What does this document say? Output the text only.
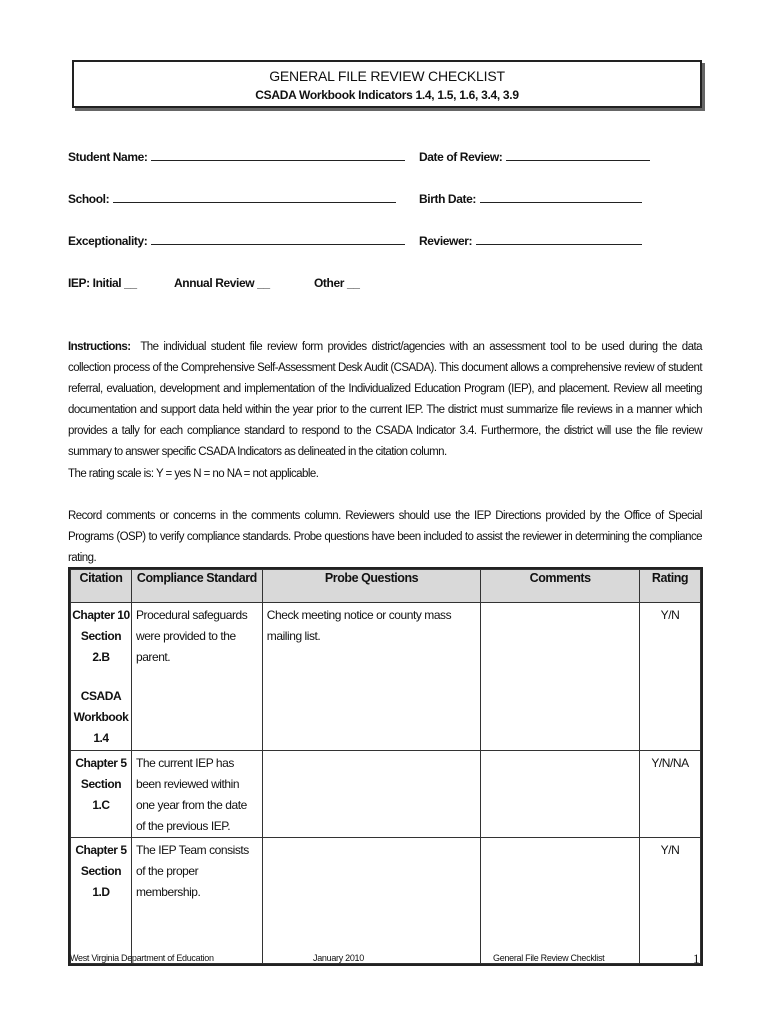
GENERAL FILE REVIEW CHECKLIST
CSADA Workbook Indicators 1.4, 1.5, 1.6, 3.4, 3.9
Student Name:	Date of Review:
School:	Birth Date:
Exceptionality:	Reviewer:
IEP: Initial __	Annual Review __	Other __
Instructions: The individual student file review form provides district/agencies with an assessment tool to be used during the data collection process of the Comprehensive Self-Assessment Desk Audit (CSADA). This document allows a comprehensive review of student referral, evaluation, development and implementation of the Individualized Education Program (IEP), and placement. Review all meeting documentation and support data held within the year prior to the current IEP. The district must summarize file reviews in a manner which provides a tally for each compliance standard to respond to the CSADA Indicator 3.4. Furthermore, the district will use the file review summary to answer specific CSADA Indicators as delineated in the citation column.
The rating scale is: Y = yes N = no NA = not applicable.
Record comments or concerns in the comments column. Reviewers should use the IEP Directions provided by the Office of Special Programs (OSP) to verify compliance standards. Probe questions have been included to assist the reviewer in determining the compliance rating.
Citation	Compliance Standard	Probe Questions	Comments	Rating

Chapter 10
Section 2.B
CSADA
Workbook
1.4	Procedural safeguards were provided to the parent.	Check meeting notice or county mass mailing list.		Y/N

Chapter 5
Section 1.C	The current IEP has been reviewed within one year from the date of the previous IEP.			Y/N/NA

Chapter 5
Section 1.D	The IEP Team consists of the proper membership.			Y/N
West Virginia Department of Education	January 2010	General File Review Checklist	1
